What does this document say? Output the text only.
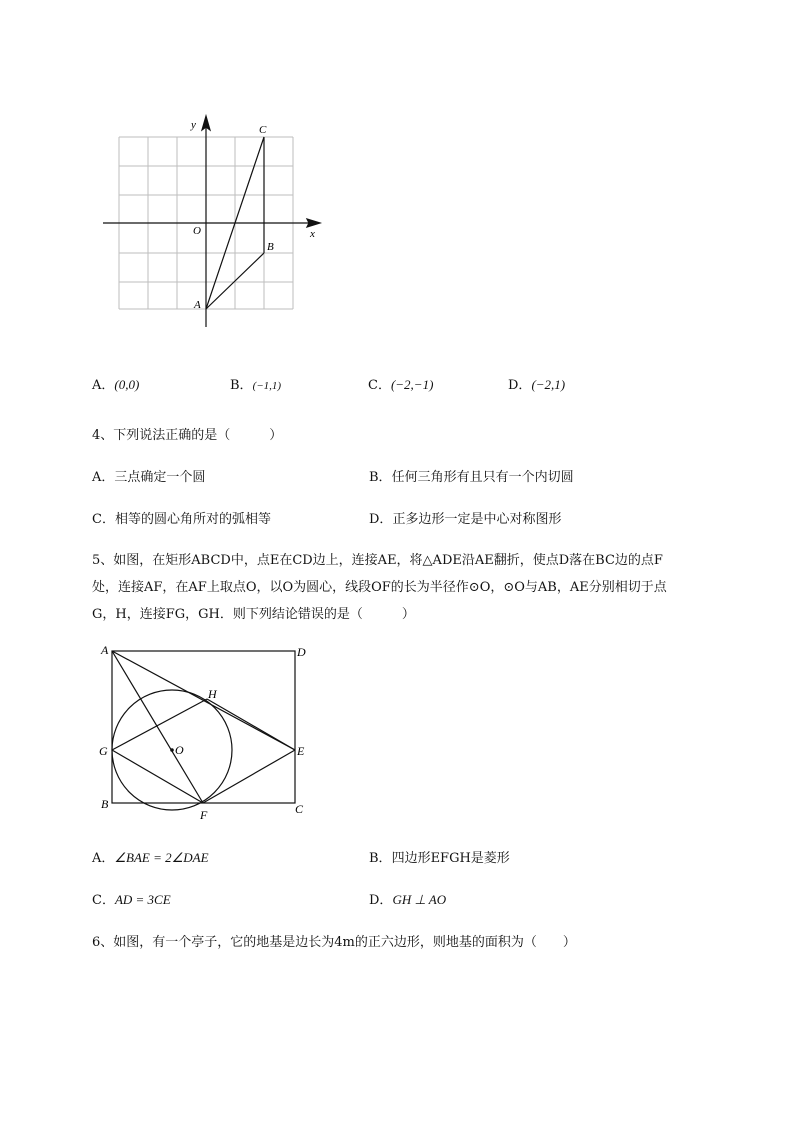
y
x
O
A
B
C
A．(0,0)	B．(−1,1)	C．(−2,−1)	D．(−2,1)
4、下列说法正确的是（　　　）
A．三点确定一个圆	B．任何三角形有且只有一个内切圆
C．相等的圆心角所对的弧相等	D．正多边形一定是中心对称图形
5、如图，在矩形ABCD中，点E在CD边上，连接AE，将△ADE沿AE翻折，使点D落在BC边的点F
处，连接AF，在AF上取点O，以O为圆心，线段OF的长为半径作⊙O，⊙O与AB，AE分别相切于点
G，H，连接FG，GH．则下列结论错误的是（　　　）
A
B	C
D
E
F
G
H
O
A．∠BAE = 2∠DAE	B．四边形EFGH是菱形
C．AD = 3CE	D．GH ⊥ AO
6、如图，有一个亭子，它的地基是边长为4m的正六边形，则地基的面积为（　　）
